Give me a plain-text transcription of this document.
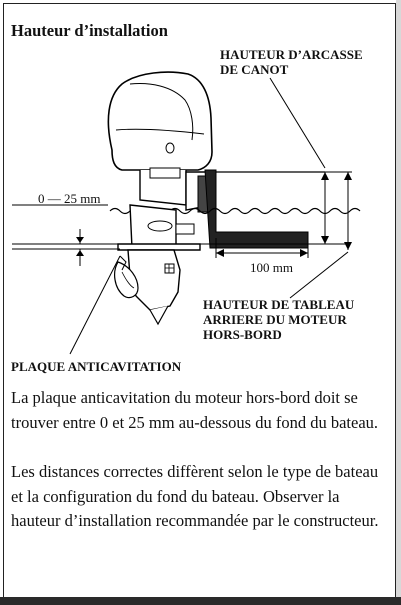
Hauteur d’installation
HAUTEUR D’ARCASSE
DE CANOT
0 — 25 mm
100 mm
HAUTEUR DE TABLEAU
ARRIERE DU MOTEUR
HORS-BORD
PLAQUE ANTICAVITATION
La plaque anticavitation du moteur hors-bord doit se trouver entre 0 et 25 mm au-dessous du fond du bateau.
Les distances correctes diffèrent selon le type de bateau et la configuration du fond du bateau. Observer la hauteur d’installation recommandée par le constructeur.
